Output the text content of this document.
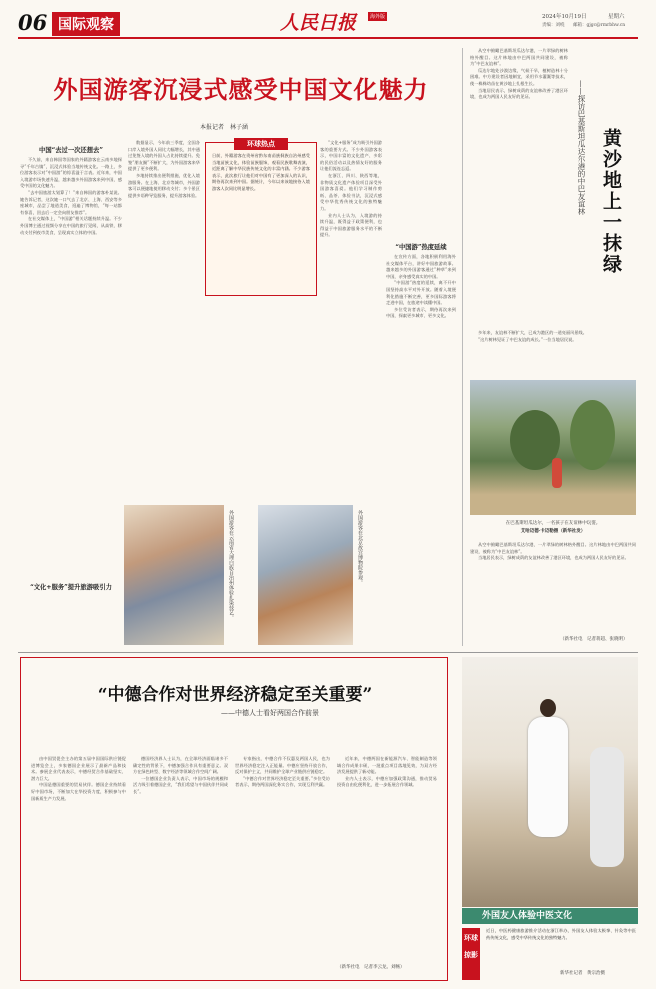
06 国际观察	人民日报	海外版	2024年10月19日	星期六
责编：刘峣 邮箱：gjgc@rmrbhw.cn
外国游客沉浸式感受中国文化魅力
本报记者　林子涵
中国“去过一次还想去”

不久前，来自韩国等国家的外籍游客在云南多地探寻“千年古镇”，沉浸式体验当地传统文化。一路上，多位游客表示对“中国游”的惊喜溢于言表。近年来，中国入境游市场快速升温，越来越多外国游客来到中国，感受中国的文化魅力。

“去中国旅游太划算了！”来自韩国的游客朴某说。她告诉记者，这次她一口气去了北京、上海、西安等多座城市，品尝了地道美食，逛遍了博物馆，“每一站都有惊喜，回去后一定会向朋友推荐”。

在社交媒体上，“中国游”相关话题持续升温。不少外国博主通过视频分享在中国的旅行见闻，从高铁、移动支付到夜市美食，呈现真实立体的中国。

“文化+服务”提升旅游吸引力

数据显示，今年前三季度，全国各口岸入境外国人同比大幅增长，其中通过免签入境的外国人占比持续提升。免签“朋友圈”不断扩大，为外国游客来华提供了更多便利。

多地持续推出便利措施，优化入境游服务。在上海、北京等城市，外国游客可以便捷地使用移动支付；多个景区提供多语种导览服务，提升游客体验。

环球热点
日前，外籍游客在贵州省黔东南苗族侗族自治州感受当地苗族文化，体验苗族服饰，观看民族歌舞表演，近距离了解中华民族传统文化的丰富内涵。不少游客表示，此次旅行让他们对中国有了更加深入的认识，期待再次来到中国。据统计，今年以来该地接待入境游客人次同比明显增长。

“文化+服务”成为吸引外国游客的重要方式。不少外国游客表示，中国丰富的文化遗产、多彩的民俗活动以及热情友好的服务让他们流连忘返。

在浙江、四川、陕西等地，非物质文化遗产体验项目深受外国游客喜爱。他们学习制作剪纸、品茶、体验书法，沉浸式感受中华优秀传统文化的独特魅力。

业内人士认为，入境游的持续升温，既得益于政策便利，也得益于中国旅游服务水平的不断提升。

“中国游”热度延续

在宣传方面，各地积极利用海外社交媒体平台，讲好中国旅游故事。越来越多的外国游客通过“种草”来到中国，亲身感受真实的中国。

“中国游”热度的延续，离不开中国坚持高水平对外开放。随着入境便利化措施不断完善，更多国际游客将走进中国，在旅途中读懂中国。

多位受访者表示，期待再次来到中国，探索更多城市、更多文化。

外国游客在云南省大理白族自治州体验扎染技艺。	外国游客在北京故宫博物院参观。

从空中俯瞰巴基斯坦瓜达尔港，一片翠绿的树林格外醒目。这片林地由中巴两国共同建设，被称为“中巴友谊林”。

瓜达尔地处沙漠边缘，气候干旱，植树造林十分困难。中方建设者因地制宜，采用节水灌溉等技术，使一株株幼苗在黄沙地上扎根生长。

当地居民表示，绿树成荫的友谊林改善了港区环境，也成为两国人民友好的见证。

黄沙地上一抹绿
——探访巴基斯坦瓜达尔港的中巴友谊林

多年来，友谊林不断扩大，已成为港区的一道亮丽风景线。

“这片树林见证了中巴友谊的成长。”一位当地居民说。

在巴基斯坦瓜达尔，一名孩子在友谊林中玩耍。
艾哈迈德·卡迈勒摄（新华社发）

从空中俯瞰巴基斯坦瓜达尔港，一片翠绿的树林格外醒目。这片林地由中巴两国共同建设，被称为“中巴友谊林”。

当地居民表示，绿树成荫的友谊林改善了港区环境，也成为两国人民友好的见证。

（新华社电　记者蒋超、张晓明）
“中德合作对世界经济稳定至关重要”
——中德人士看好两国合作前景

由中国贸促会主办的第五届中国国际供应链促进博览会上，多家德国企业展示了最新产品和技术。参展企业代表表示，中德经贸合作基础坚实、潜力巨大。

中国是德国重要的贸易伙伴。德国企业持续看好中国市场，不断加大在华投资力度，积极参与中国新质生产力发展。

德国经济界人士认为，在全球经济面临诸多不确定性的背景下，中德加强合作具有重要意义。双方在绿色转型、数字经济等领域合作空间广阔。

一位德国企业负责人表示，中国市场的规模和活力吸引着德国企业，“我们希望与中国伙伴共同成长”。

专家指出，中德合作不仅惠及两国人民，也为世界经济稳定注入正能量。中德应坚持开放合作，反对保护主义，共同维护全球产业链供应链稳定。

“中德合作对世界经济稳定至关重要。”多位受访者表示，期待两国深化务实合作，实现互利共赢。

近年来，中德两国在新能源汽车、智能制造等领域合作成果丰硕，一批重点项目落地见效，为双方经济发展提供了新动能。

业内人士表示，中德应加强政策沟通，推动贸易投资自由化便利化，进一步拓展合作领域。

（新华社电　记者李云龙、刘畅）
外国友人体验中医文化
环球
掠影
近日，中医药健康旅游推介活动在浙江举办，外国友人体验太极拳、针灸等中医药传统文化，感受中华传统文化的独特魅力。
新华社记者　黄宗治摄
